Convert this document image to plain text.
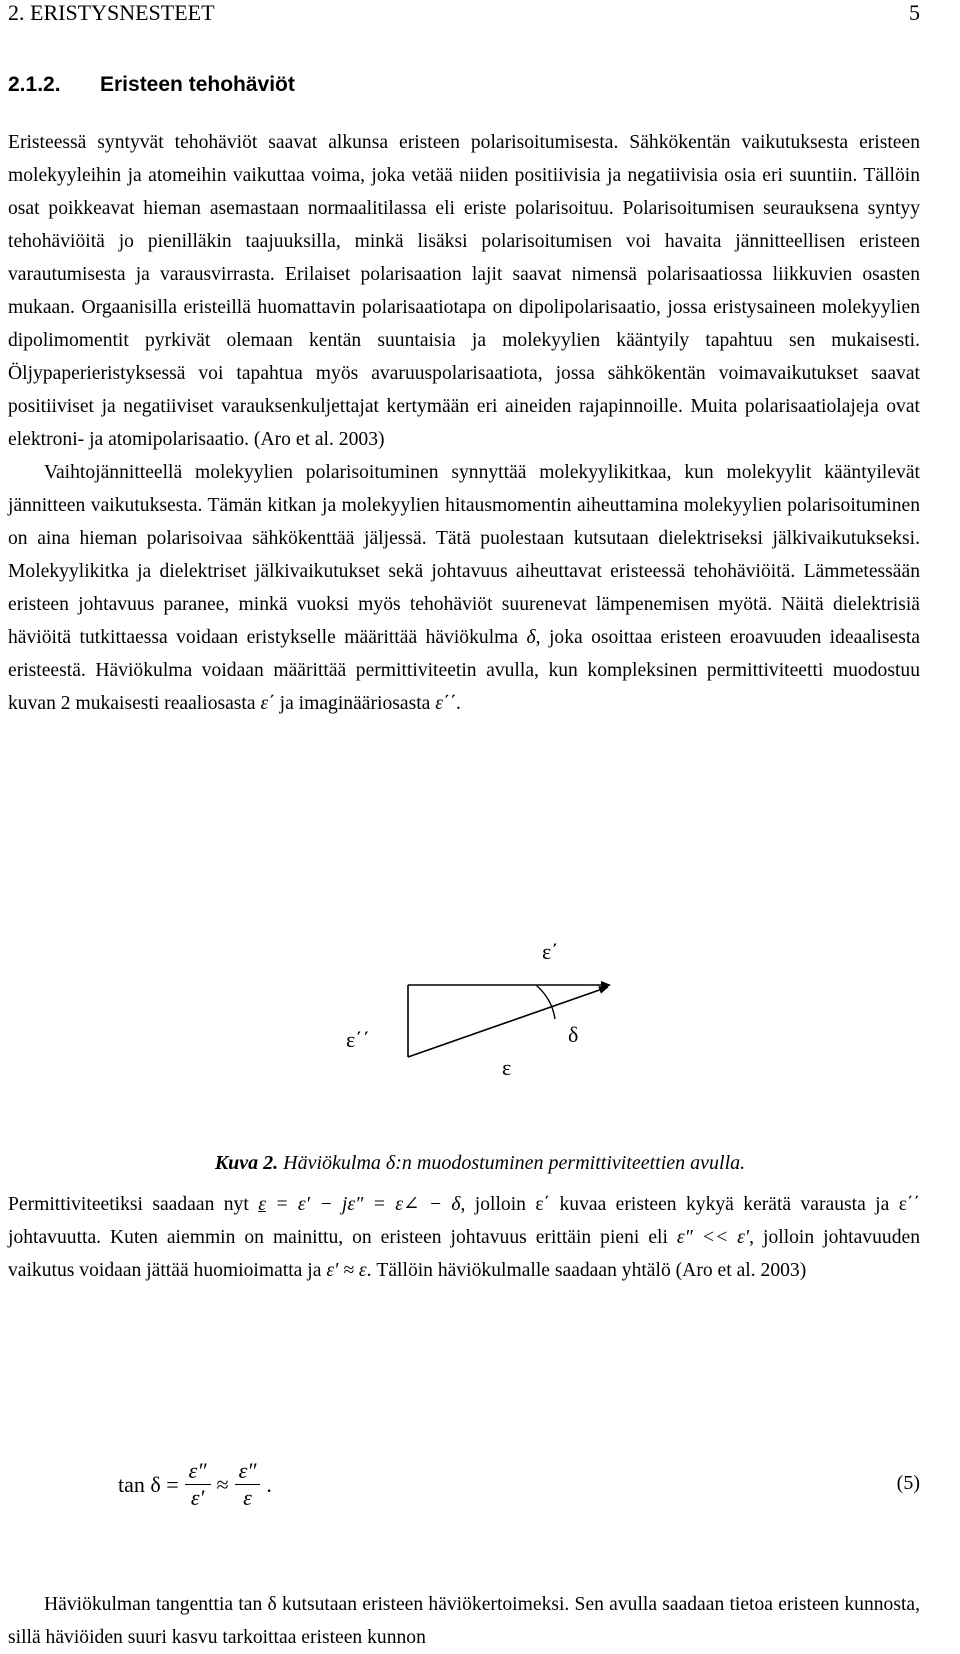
2. ERISTYSNESTEET	5
2.1.2. Eristeen tehohäviöt

Eristeessä syntyvät tehohäviöt saavat alkunsa eristeen polarisoitumisesta. Sähkökentän vaikutuksesta eristeen molekyyleihin ja atomeihin vaikuttaa voima, joka vetää niiden positiivisia ja negatiivisia osia eri suuntiin. Tällöin osat poikkeavat hieman asemastaan normaalitilassa eli eriste polarisoituu. Polarisoitumisen seurauksena syntyy tehohäviöitä jo pienilläkin taajuuksilla, minkä lisäksi polarisoitumisen voi havaita jännitteellisen eristeen varautumisesta ja varausvirrasta. Erilaiset polarisaation lajit saavat nimensä polarisaatiossa liikkuvien osasten mukaan. Orgaanisilla eristeillä huomattavin polarisaatiotapa on dipolipolarisaatio, jossa eristysaineen molekyylien dipolimomentit pyrkivät olemaan kentän suuntaisia ja molekyylien kääntyily tapahtuu sen mukaisesti. Öljypaperieristyksessä voi tapahtua myös avaruuspolarisaatiota, jossa sähkökentän voimavaikutukset saavat positiiviset ja negatiiviset varauksenkuljettajat kertymään eri aineiden rajapinnoille. Muita polarisaatiolajeja ovat elektroni- ja atomipolarisaatio. (Aro et al. 2003)

Vaihtojännitteellä molekyylien polarisoituminen synnyttää molekyylikitkaa, kun molekyylit kääntyilevät jännitteen vaikutuksesta. Tämän kitkan ja molekyylien hitausmomentin aiheuttamina molekyylien polarisoituminen on aina hieman polarisoivaa sähkökenttää jäljessä. Tätä puolestaan kutsutaan dielektriseksi jälkivaikutukseksi. Molekyylikitka ja dielektriset jälkivaikutukset sekä johtavuus aiheuttavat eristeessä tehohäviöitä. Lämmetessään eristeen johtavuus paranee, minkä vuoksi myös tehohäviöt suurenevat lämpenemisen myötä. Näitä dielektrisiä häviöitä tutkittaessa voidaan eristykselle määrittää häviökulma δ, joka osoittaa eristeen eroavuuden ideaalisesta eristeestä. Häviökulma voidaan määrittää permittiviteetin avulla, kun kompleksinen permittiviteetti muodostuu kuvan 2 mukaisesti reaaliosasta ε΄ ja imaginääriosasta ε΄΄.

ε΄
ε΄΄
ε
δ
Kuva 2. Häviökulma δ:n muodostuminen permittiviteettien avulla.

Permittiviteetiksi saadaan nyt ε = ε′ − jε″ = ε∠ − δ, jolloin ε΄ kuvaa eristeen kykyä kerätä varausta ja ε΄΄ johtavuutta. Kuten aiemmin on mainittu, on eristeen johtavuus erittäin pieni eli ε″ << ε′, jolloin johtavuuden vaikutus voidaan jättää huomioimatta ja ε′ ≈ ε. Tällöin häviökulmalle saadaan yhtälö (Aro et al. 2003)

$\tan \delta = \frac{\varepsilon''}{\varepsilon'} \approx \frac{\varepsilon''}{\varepsilon}$ .	(5)

Häviökulman tangenttia tan δ kutsutaan eristeen häviökertoimeksi. Sen avulla saadaan tietoa eristeen kunnosta, sillä häviöiden suuri kasvu tarkoittaa eristeen kunnon
